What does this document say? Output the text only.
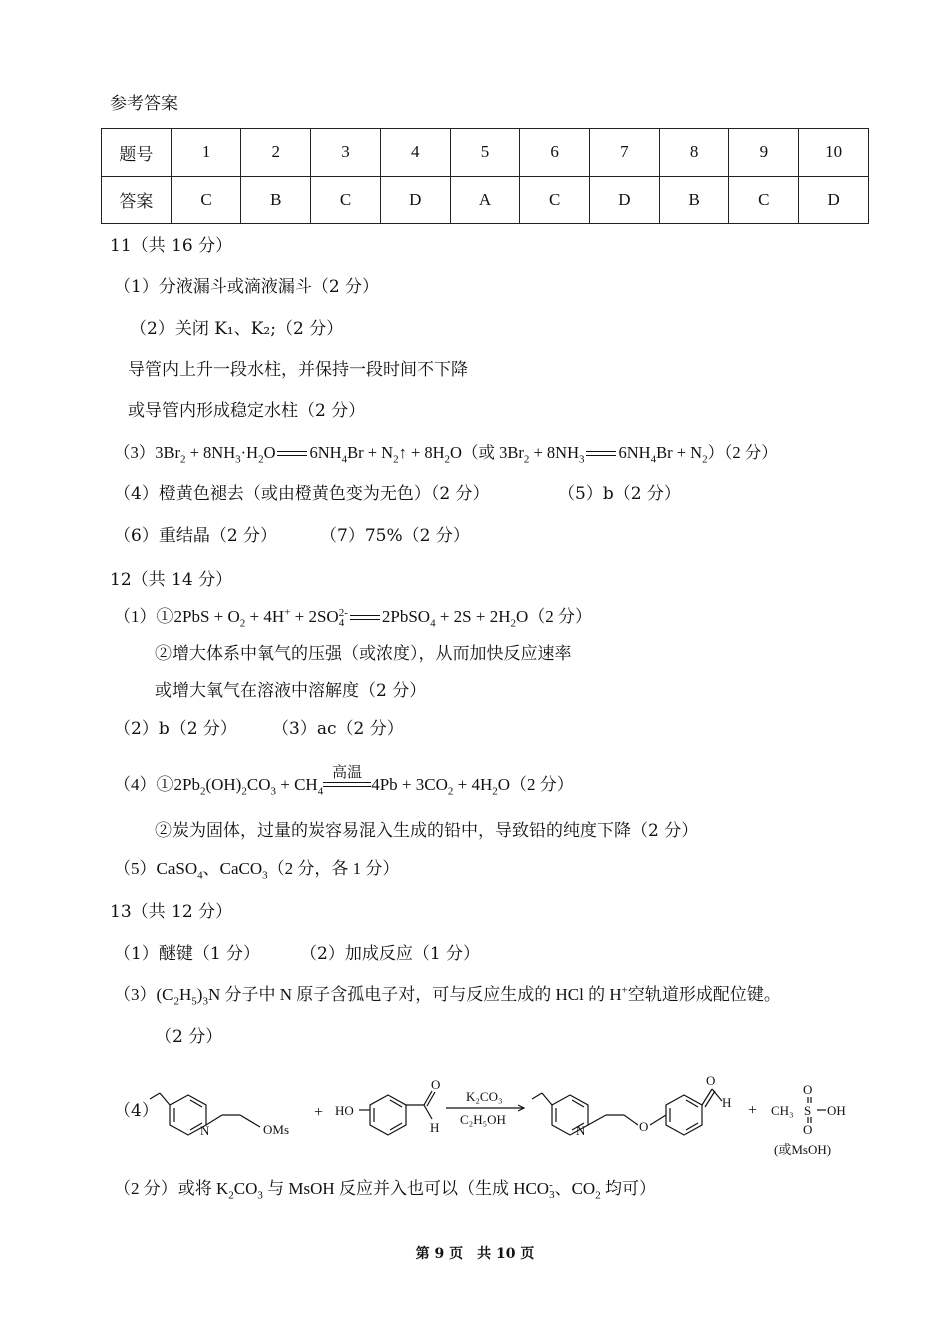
参考答案
题号	1	2	3	4	5	6	7	8	9	10
答案	C	B	C	D	A	C	D	B	C	D
11（共 16 分）
（1）分液漏斗或滴液漏斗（2 分）
（2）关闭 K₁、K₂;（2 分）
导管内上升一段水柱，并保持一段时间不下降
或导管内形成稳定水柱（2 分）
$(3)3Br_2 + 8NH_3\cdot H_2O$ $6NH_4Br$ + $N_2↑ + 8H_2O$（或 $3Br_2 + 8NH_3$ $6NH_4Br + N_2)(2$ 分）
（4）橙黄色褪去（或由橙黄色变为无色）（2 分）	（5）b（2 分）
（6）重结晶（2 分）	（7）75%（2 分）
12（共 14 分）
（1）①2PbS + $O_2 + 4H^+ + 2SO$ 2-
4 2PbSO$_4$ + $2S + 2H_2O(2$ 分）
②增大体系中氧气的压强（或浓度），从而加快反应速率
或增大氧气在溶液中溶解度（2 分）
（2）b（2 分） （3）ac（2 分）
$(4)①2Pb_2(OH)_2CO_3 + CH_4$
高温
$4Pb + 3CO_2 + 4H_2O(2$ 分）
②炭为固体，过量的炭容易混入生成的铅中，导致铅的纯度下降（2 分）
（5）CaSO$_4$、CaCO$_3$（2 分，各 1 分）
13（共 12 分）
（1）醚键（1 分） （2）加成反应（1 分）
$(3)(C_2H_5)_3N$ 分子中 N 原子含孤电子对，可与反应生成的 HCl 的 H+空轨道形成配位键。
（2 分）
（4）
N	OMs
+ HO
O
H
K₂CO₃
C₂H₅OH
N	O
O
H + CH₃
O
S
O
OH
(或MsOH)
（2 分）或将 $K_2CO_3$ 与 MsOH 反应并入也可以（生成 HCO -
3 、$CO_2$ 均可）
第 9 页　共 10 页
